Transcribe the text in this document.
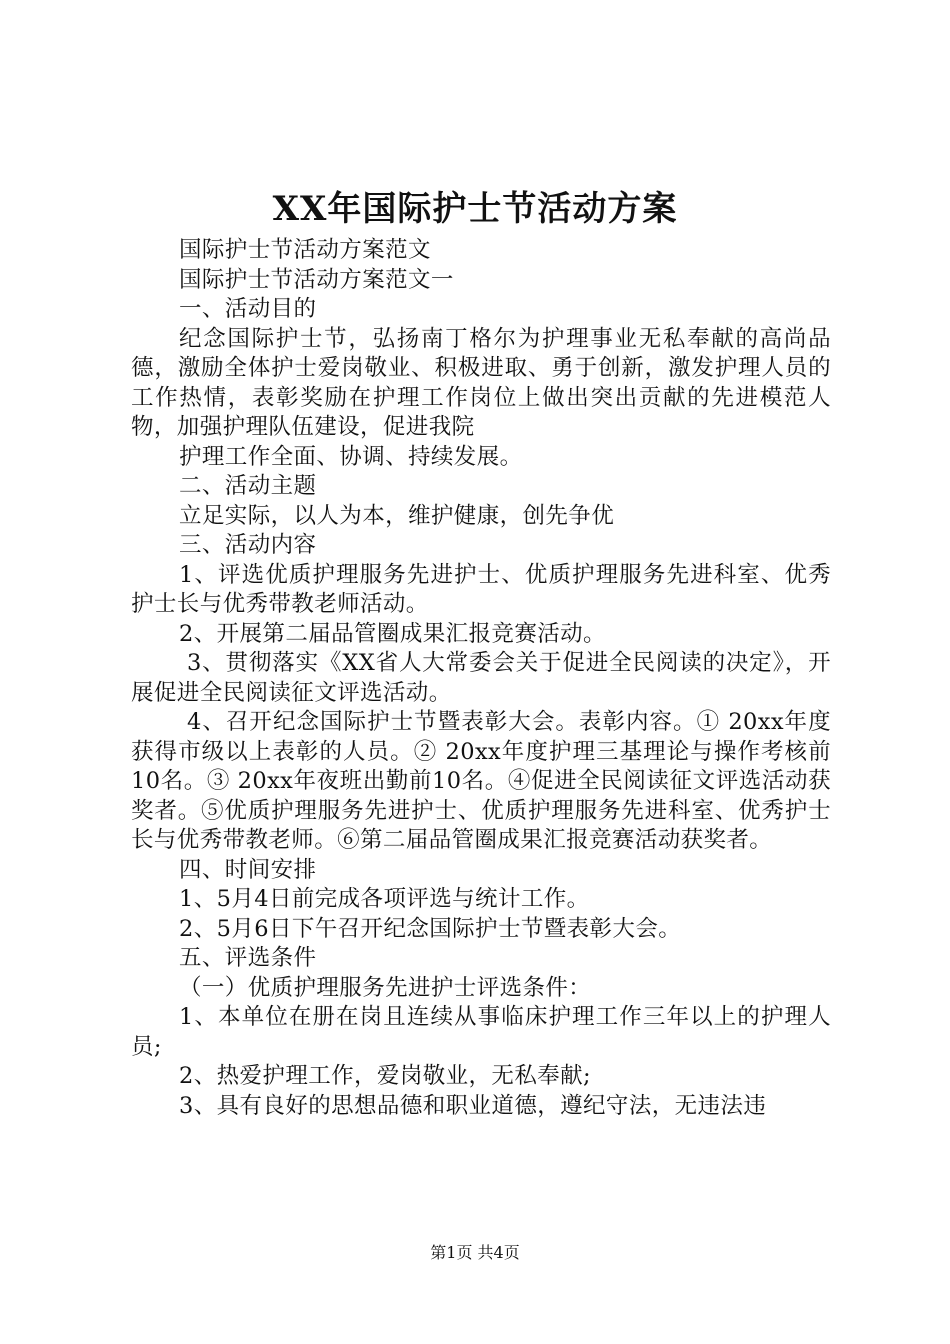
XX年国际护士节活动方案

国际护士节活动方案范文

国际护士节活动方案范文一

一、活动目的

纪念国际护士节，弘扬南丁格尔为护理事业无私奉献的高尚品德，激励全体护士爱岗敬业、积极进取、勇于创新，激发护理人员的工作热情，表彰奖励在护理工作岗位上做出突出贡献的先进模范人物，加强护理队伍建设，促进我院

护理工作全面、协调、持续发展。

二、活动主题

立足实际，以人为本，维护健康，创先争优

三、活动内容

1、评选优质护理服务先进护士、优质护理服务先进科室、优秀护士长与优秀带教老师活动。

2、开展第二届品管圈成果汇报竞赛活动。

3、贯彻落实《XX省人大常委会关于促进全民阅读的决定》，开展促进全民阅读征文评选活动。

4、召开纪念国际护士节暨表彰大会。表彰内容。① 20xx年度获得市级以上表彰的人员。② 20xx年度护理三基理论与操作考核前10名。③ 20xx年夜班出勤前10名。④促进全民阅读征文评选活动获奖者。⑤优质护理服务先进护士、优质护理服务先进科室、优秀护士长与优秀带教老师。⑥第二届品管圈成果汇报竞赛活动获奖者。

四、时间安排

1、5月4日前完成各项评选与统计工作。

2、5月6日下午召开纪念国际护士节暨表彰大会。

五、评选条件

（一）优质护理服务先进护士评选条件：

1、本单位在册在岗且连续从事临床护理工作三年以上的护理人员;

2、热爱护理工作，爱岗敬业，无私奉献;

3、具有良好的思想品德和职业道德，遵纪守法，无违法违

第1页 共4页
